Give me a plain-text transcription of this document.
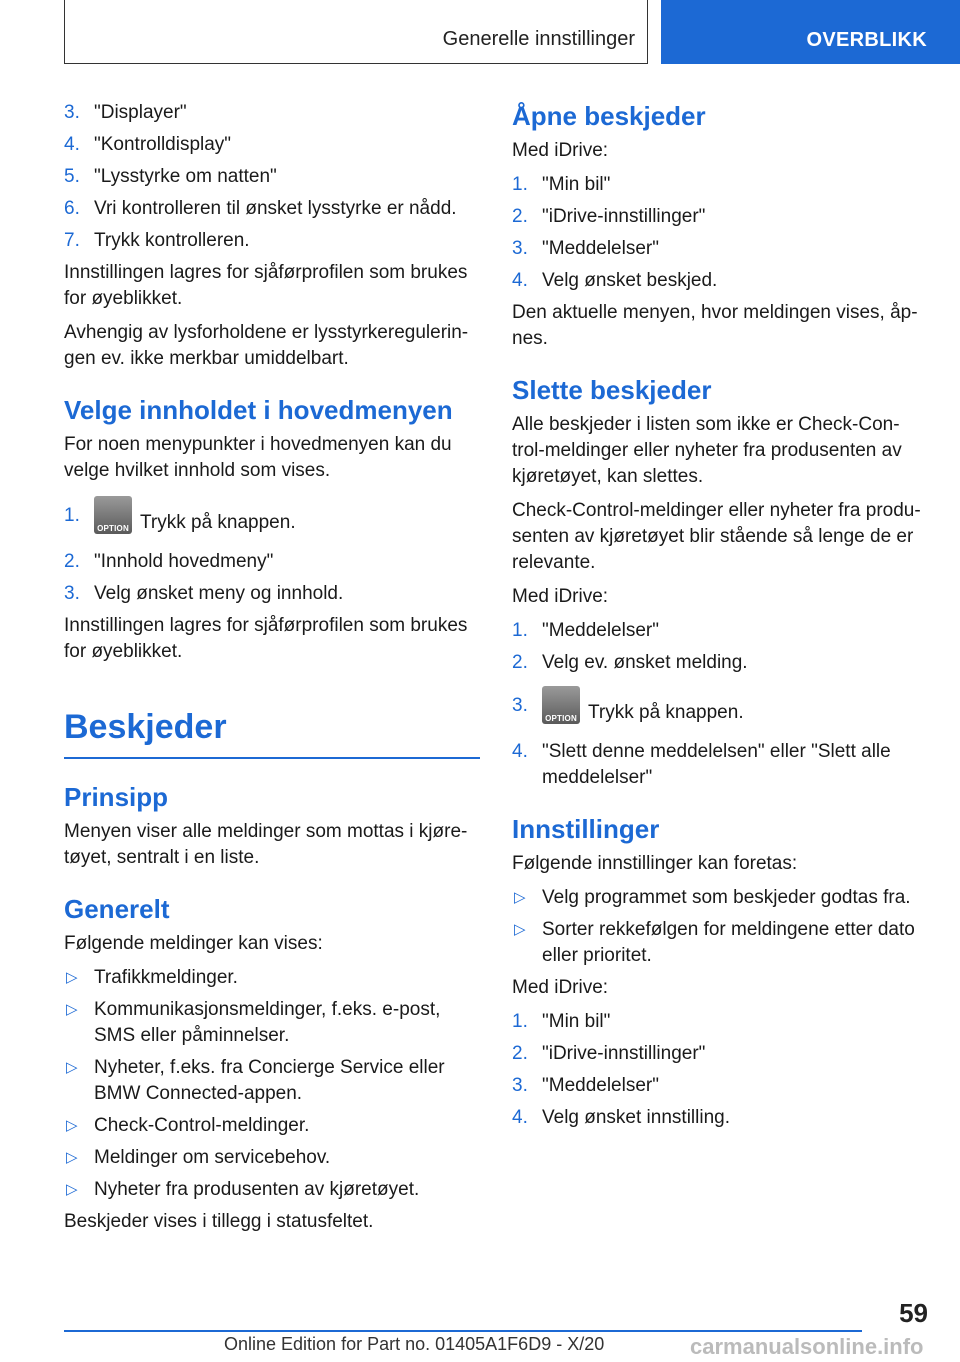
Generelle innstillinger	OVERBLIKK
3. "Displayer"
4. "Kontrolldisplay"
5. "Lysstyrke om natten"
6. Vri kontrolleren til ønsket lysstyrke er nådd.
7. Trykk kontrolleren.

Innstillingen lagres for sjåførprofilen som brukes for øyeblikket.

Avhengig av lysforholdene er lysstyrkeregulerin-gen ev. ikke merkbar umiddelbart.

Velge innholdet i hovedmenyen

For noen menypunkter i hovedmenyen kan du velge hvilket innhold som vises.

1.
OPTION Trykk på knappen.
2. "Innhold hovedmeny"
3. Velg ønsket meny og innhold.

Innstillingen lagres for sjåførprofilen som brukes for øyeblikket.

Beskjeder
Prinsipp

Menyen viser alle meldinger som mottas i kjøre-tøyet, sentralt i en liste.

Generelt

Følgende meldinger kan vises:

▷ Trafikkmeldinger.
▷ Kommunikasjonsmeldinger, f.eks. e-post, SMS eller påminnelser.
▷ Nyheter, f.eks. fra Concierge Service eller BMW Connected-appen.
▷ Check-Control-meldinger.
▷ Meldinger om servicebehov.
▷ Nyheter fra produsenten av kjøretøyet.

Beskjeder vises i tillegg i statusfeltet.

Åpne beskjeder

Med iDrive:

1. "Min bil"
2. "iDrive-innstillinger"
3. "Meddelelser"
4. Velg ønsket beskjed.

Den aktuelle menyen, hvor meldingen vises, åp-nes.

Slette beskjeder

Alle beskjeder i listen som ikke er Check-Con-trol-meldinger eller nyheter fra produsenten av kjøretøyet, kan slettes.

Check-Control-meldinger eller nyheter fra produ-senten av kjøretøyet blir stående så lenge de er relevante.

Med iDrive:

1. "Meddelelser"
2. Velg ev. ønsket melding.
3.
OPTION Trykk på knappen.
4. "Slett denne meddelelsen" eller "Slett alle meddelelser"
Innstillinger

Følgende innstillinger kan foretas:

▷ Velg programmet som beskjeder godtas fra.
▷ Sorter rekkefølgen for meldingene etter dato eller prioritet.

Med iDrive:

1. "Min bil"
2. "iDrive-innstillinger"
3. "Meddelelser"
4. Velg ønsket innstilling.
59
Online Edition for Part no. 01405A1F6D9 - X/20	carmanualsonline.info
